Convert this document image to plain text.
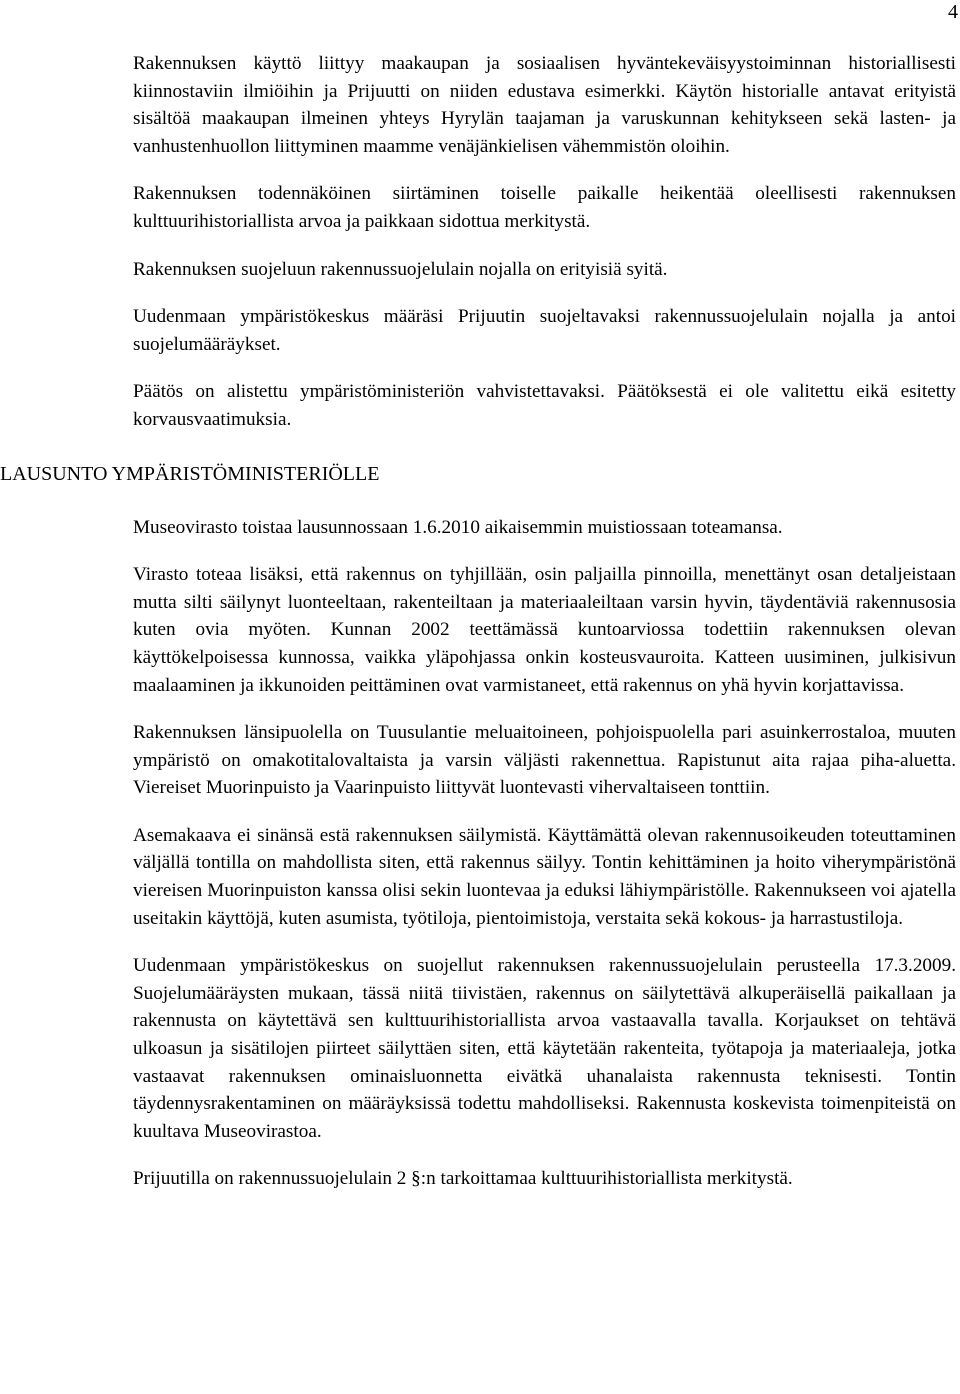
4

Rakennuksen käyttö liittyy maakaupan ja sosiaalisen hyväntekeväisyystoiminnan historiallisesti kiinnostaviin ilmiöihin ja Prijuutti on niiden edustava esimerkki. Käytön historialle antavat erityistä sisältöä maakaupan ilmeinen yhteys Hyrylän taajaman ja varuskunnan kehitykseen sekä lasten- ja vanhustenhuollon liittyminen maamme venäjänkielisen vähemmistön oloihin.

Rakennuksen todennäköinen siirtäminen toiselle paikalle heikentää oleellisesti rakennuksen kulttuurihistoriallista arvoa ja paikkaan sidottua merkitystä.

Rakennuksen suojeluun rakennussuojelulain nojalla on erityisiä syitä.

Uudenmaan ympäristökeskus määräsi Prijuutin suojeltavaksi rakennussuojelulain nojalla ja antoi suojelumääräykset.

Päätös on alistettu ympäristöministeriön vahvistettavaksi. Päätöksestä ei ole valitettu eikä esitetty korvausvaatimuksia.

LAUSUNTO YMPÄRISTÖMINISTERIÖLLE

Museovirasto toistaa lausunnossaan 1.6.2010 aikaisemmin muistiossaan toteamansa.

Virasto toteaa lisäksi, että rakennus on tyhjillään, osin paljailla pinnoilla, menettänyt osan detaljeistaan mutta silti säilynyt luonteeltaan, rakenteiltaan ja materiaaleiltaan varsin hyvin, täydentäviä rakennusosia kuten ovia myöten. Kunnan 2002 teettämässä kuntoarviossa todettiin rakennuksen olevan käyttökelpoisessa kunnossa, vaikka yläpohjassa onkin kosteusvauroita. Katteen uusiminen, julkisivun maalaaminen ja ikkunoiden peittäminen ovat varmistaneet, että rakennus on yhä hyvin korjattavissa.

Rakennuksen länsipuolella on Tuusulantie meluaitoineen, pohjoispuolella pari asuinkerrostaloa, muuten ympäristö on omakotitalovaltaista ja varsin väljästi rakennettua. Rapistunut aita rajaa piha-aluetta. Viereiset Muorinpuisto ja Vaarinpuisto liittyvät luontevasti vihervaltaiseen tonttiin.

Asemakaava ei sinänsä estä rakennuksen säilymistä. Käyttämättä olevan rakennusoikeuden toteuttaminen väljällä tontilla on mahdollista siten, että rakennus säilyy. Tontin kehittäminen ja hoito viherympäristönä viereisen Muorinpuiston kanssa olisi sekin luontevaa ja eduksi lähiympäristölle. Rakennukseen voi ajatella useitakin käyttöjä, kuten asumista, työtiloja, pientoimistoja, verstaita sekä kokous- ja harrastustiloja.

Uudenmaan ympäristökeskus on suojellut rakennuksen rakennussuojelulain perusteella 17.3.2009. Suojelumääräysten mukaan, tässä niitä tiivistäen, rakennus on säilytettävä alkuperäisellä paikallaan ja rakennusta on käytettävä sen kulttuurihistoriallista arvoa vastaavalla tavalla. Korjaukset on tehtävä ulkoasun ja sisätilojen piirteet säilyttäen siten, että käytetään rakenteita, työtapoja ja materiaaleja, jotka vastaavat rakennuksen ominaisluonnetta eivätkä uhanalaista rakennusta teknisesti. Tontin täydennysrakentaminen on määräyksissä todettu mahdolliseksi. Rakennusta koskevista toimenpiteistä on kuultava Museovirastoa.

Prijuutilla on rakennussuojelulain 2 §:n tarkoittamaa kulttuurihistoriallista merkitystä.
